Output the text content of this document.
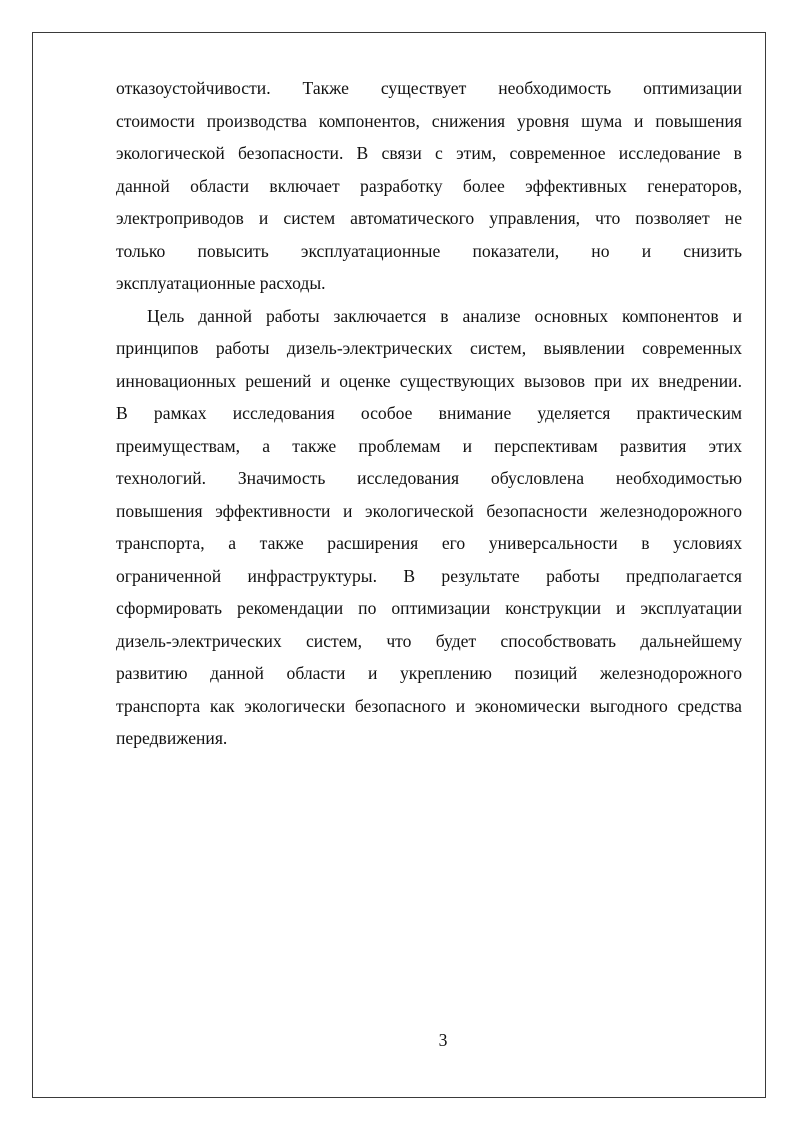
отказоустойчивости. Также существует необходимость оптимизации

стоимости производства компонентов, снижения уровня шума и повышения

экологической безопасности. В связи с этим, современное исследование в

данной области включает разработку более эффективных генераторов,

электроприводов и систем автоматического управления, что позволяет не

только повысить эксплуатационные показатели, но и снизить

эксплуатационные расходы.

Цель данной работы заключается в анализе основных компонентов и

принципов работы дизель-электрических систем, выявлении современных

инновационных решений и оценке существующих вызовов при их внедрении.

В рамках исследования особое внимание уделяется практическим

преимуществам, а также проблемам и перспективам развития этих

технологий. Значимость исследования обусловлена необходимостью

повышения эффективности и экологической безопасности железнодорожного

транспорта, а также расширения его универсальности в условиях

ограниченной инфраструктуры. В результате работы предполагается

сформировать рекомендации по оптимизации конструкции и эксплуатации

дизель-электрических систем, что будет способствовать дальнейшему

развитию данной области и укреплению позиций железнодорожного

транспорта как экологически безопасного и экономически выгодного средства

передвижения.

3
